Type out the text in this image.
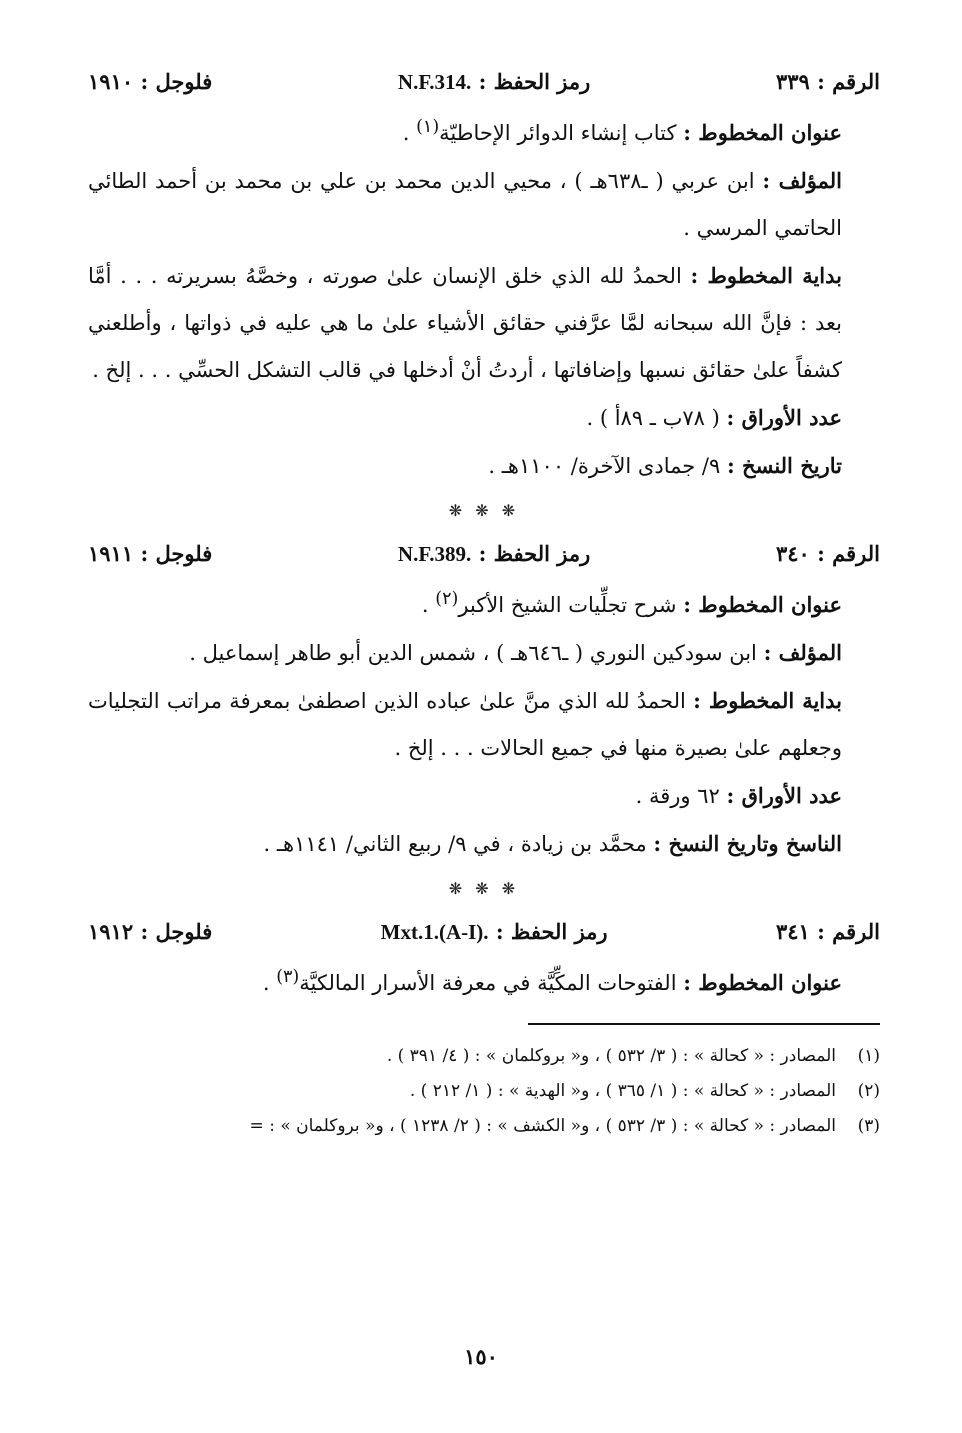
الرقم : ٣٣٩
رمز الحفظ : N.F.314.
فلوجل : ١٩١٠

عنوان المخطوط : كتاب إنشاء الدوائر الإحاطيّة$^{(١)}$ .

المؤلف : ابن عربي ( ـ٦٣٨هـ ) ، محيي الدين محمد بن علي بن محمد بن أحمد الطائي الحاتمي المرسي .

بداية المخطوط : الحمدُ لله الذي خلق الإنسان علىٰ صورته ، وخصَّهُ بسريرته . . . أمَّا بعد : فإنَّ الله سبحانه لمَّا عرَّفني حقائق الأشياء علىٰ ما هي عليه في ذواتها ، وأطلعني كشفاً علىٰ حقائق نسبها وإضافاتها ، أردتُ أنْ أدخلها في قالب التشكل الحسِّي . . . إلخ .

عدد الأوراق : ( ٧٨ب ـ ٨٩أ ) .

تاريخ النسخ : ٩/ جمادى الآخرة/ ١١٠٠هـ .

❋ ❋ ❋
الرقم : ٣٤٠
رمز الحفظ : N.F.389.
فلوجل : ١٩١١

عنوان المخطوط : شرح تجلِّيات الشيخ الأكبر$^{(٢)}$ .

المؤلف : ابن سودكين النوري ( ـ٦٤٦هـ ) ، شمس الدين أبو طاهر إسماعيل .

بداية المخطوط : الحمدُ لله الذي منَّ علىٰ عباده الذين اصطفىٰ بمعرفة مراتب التجليات وجعلهم علىٰ بصيرة منها في جميع الحالات . . . إلخ .

عدد الأوراق : ٦٢ ورقة .

الناسخ وتاريخ النسخ : محمَّد بن زيادة ، في ٩/ ربيع الثاني/ ١١٤١هـ .

❋ ❋ ❋
الرقم : ٣٤١
رمز الحفظ : Mxt.1.(A-I).
فلوجل : ١٩١٢

عنوان المخطوط : الفتوحات المكِّيَّة في معرفة الأسرار المالكيَّة$^{(٣)}$ .

(١)
المصادر : « كحالة » : ( ٣/ ٥٣٢ ) ، و« بروكلمان » : ( ٤/ ٣٩١ ) .
(٢)
المصادر : « كحالة » : ( ١/ ٣٦٥ ) ، و« الهدية » : ( ١/ ٢١٢ ) .
(٣)
المصادر : « كحالة » : ( ٣/ ٥٣٢ ) ، و« الكشف » : ( ٢/ ١٢٣٨ ) ، و« بروكلمان » : =
١٥٠
